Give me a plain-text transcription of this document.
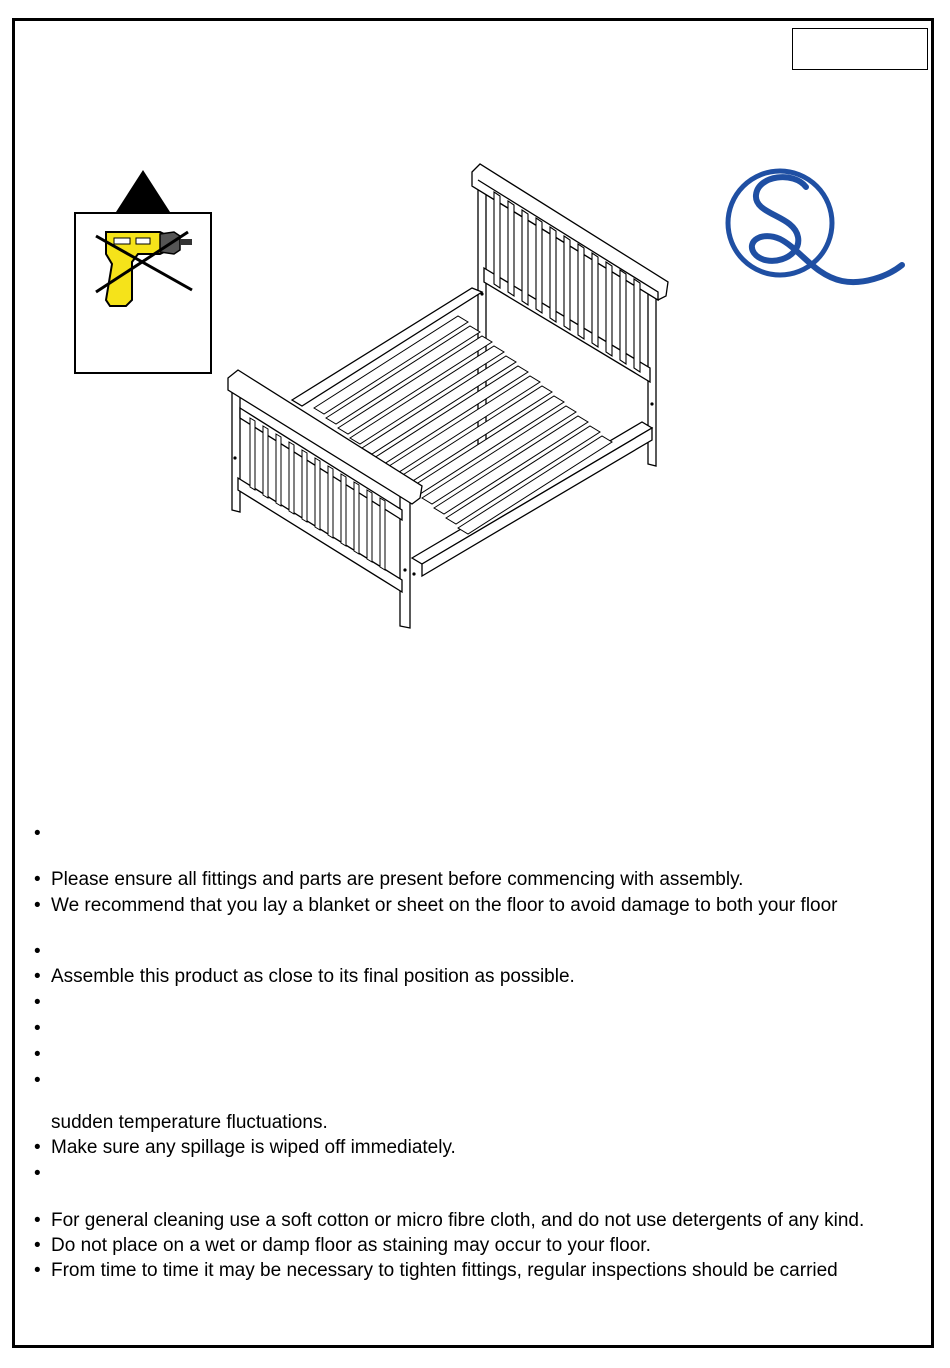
•
• Please ensure all fittings and parts are present before commencing with assembly.
• We recommend that you lay a blanket or sheet on the floor to avoid damage to both your floor
•
• Assemble this product as close to its final position as possible.
•
•
•
•
• Make sure any spillage is wiped off immediately.
•
• For general cleaning use a soft cotton or micro fibre cloth, and do not use detergents of any kind.
• Do not place on a wet or damp floor as staining may occur to your floor.
• From time to time it may be necessary to tighten fittings, regular inspections should be carried
sudden temperature fluctuations.
